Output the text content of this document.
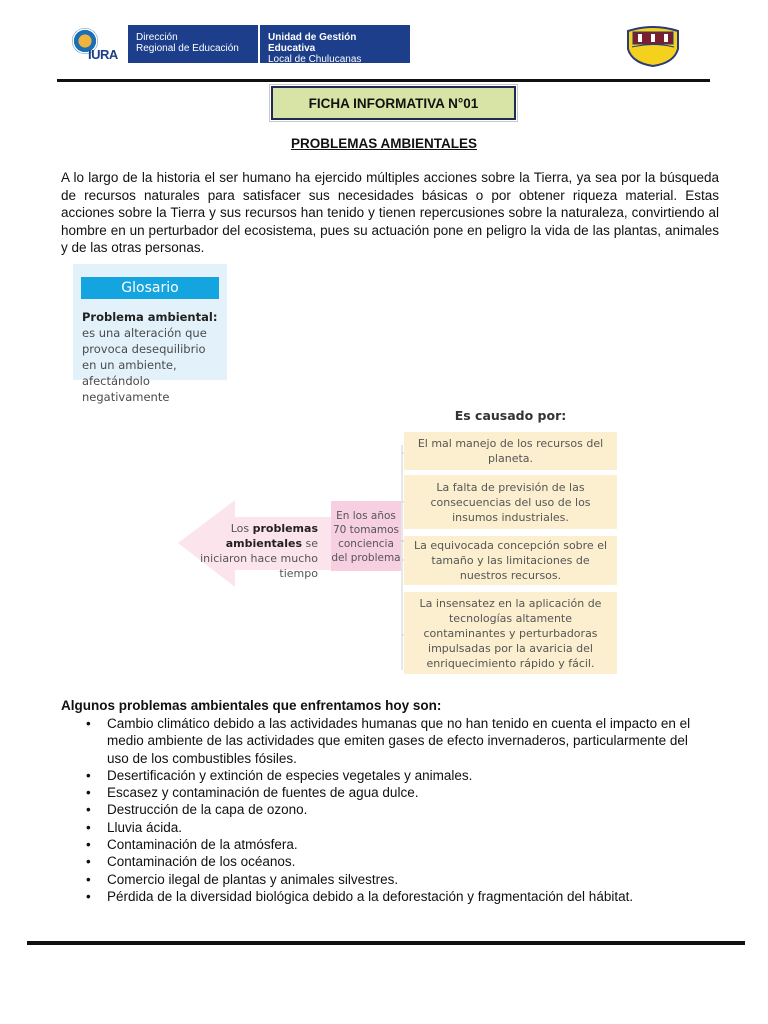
IURA
Dirección
Regional de Educación
Unidad de Gestión Educativa
Local de Chulucanas
FICHA INFORMATIVA N°01
PROBLEMAS AMBIENTALES
A lo largo de la historia el ser humano ha ejercido múltiples acciones sobre la Tierra, ya sea por la búsqueda de recursos naturales para satisfacer sus necesidades básicas o por obtener riqueza material. Estas acciones sobre la Tierra y sus recursos han tenido y tienen repercusiones sobre la naturaleza, convirtiendo al hombre en un perturbador del ecosistema, pues su actuación pone en peligro la vida de las plantas, animales y de las otras personas.
Glosario
Problema ambiental: es una alteración que provoca desequilibrio en un ambiente, afectándolo negativamente
Los problemas ambientales se iniciaron hace mucho tiempo
En los años 70 tomamos conciencia del problema
Es causado por:
El mal manejo de los recursos del planeta.
La falta de previsión de las consecuencias del uso de los insumos industriales.
La equivocada concepción sobre el tamaño y las limitaciones de nuestros recursos.
La insensatez en la aplicación de tecnologías altamente contaminantes y perturbadoras impulsadas por la avaricia del enriquecimiento rápido y fácil.
Algunos problemas ambientales que enfrentamos hoy son:
• Cambio climático debido a las actividades humanas que no han tenido en cuenta el impacto en el medio ambiente de las actividades que emiten gases de efecto invernaderos, particularmente del uso de los combustibles fósiles.
• Desertificación y extinción de especies vegetales y animales.
• Escasez y contaminación de fuentes de agua dulce.
• Destrucción de la capa de ozono.
• Lluvia ácida.
• Contaminación de la atmósfera.
• Contaminación de los océanos.
• Comercio ilegal de plantas y animales silvestres.
• Pérdida de la diversidad biológica debido a la deforestación y fragmentación del hábitat.
